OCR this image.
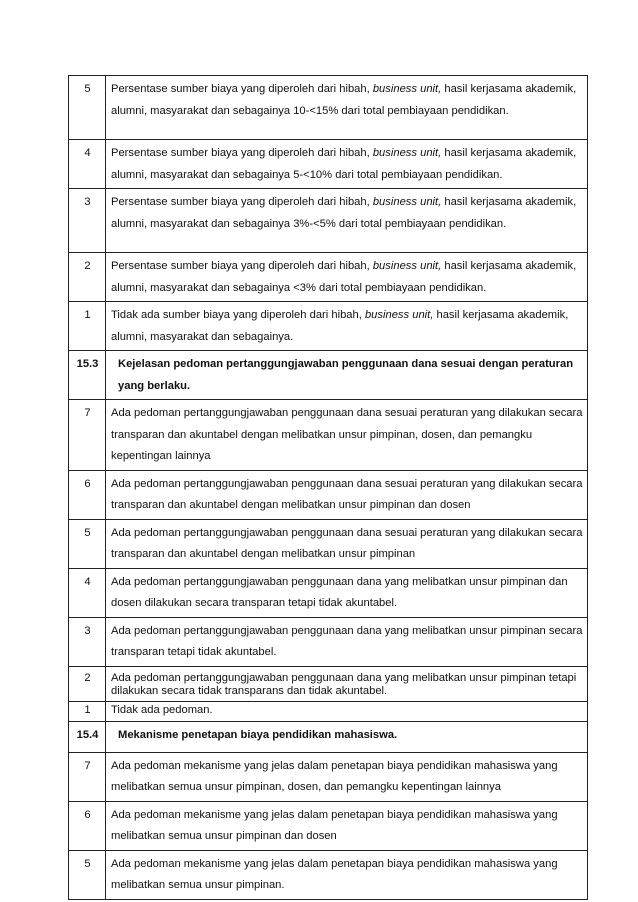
5	Persentase sumber biaya yang diperoleh dari hibah, business unit, hasil kerjasama akademik, alumni, masyarakat dan sebagainya 10-<15% dari total pembiayaan pendidikan.
4	Persentase sumber biaya yang diperoleh dari hibah, business unit, hasil kerjasama akademik, alumni, masyarakat dan sebagainya 5-<10% dari total pembiayaan pendidikan.
3	Persentase sumber biaya yang diperoleh dari hibah, business unit, hasil kerjasama akademik, alumni, masyarakat dan sebagainya 3%-<5% dari total pembiayaan pendidikan.
2	Persentase sumber biaya yang diperoleh dari hibah, business unit, hasil kerjasama akademik, alumni, masyarakat dan sebagainya <3% dari total pembiayaan pendidikan.
1	Tidak ada sumber biaya yang diperoleh dari hibah, business unit, hasil kerjasama akademik, alumni, masyarakat dan sebagainya.
15.3	Kejelasan pedoman pertanggungjawaban penggunaan dana sesuai dengan peraturan yang berlaku.
7	Ada pedoman pertanggungjawaban penggunaan dana sesuai peraturan yang dilakukan secara transparan dan akuntabel dengan melibatkan unsur pimpinan, dosen, dan pemangku kepentingan lainnya
6	Ada pedoman pertanggungjawaban penggunaan dana sesuai peraturan yang dilakukan secara transparan dan akuntabel dengan melibatkan unsur pimpinan dan dosen
5	Ada pedoman pertanggungjawaban penggunaan dana sesuai peraturan yang dilakukan secara transparan dan akuntabel dengan melibatkan unsur pimpinan
4	Ada pedoman pertanggungjawaban penggunaan dana yang melibatkan unsur pimpinan dan dosen dilakukan secara transparan tetapi tidak akuntabel.
3	Ada pedoman pertanggungjawaban penggunaan dana yang melibatkan unsur pimpinan secara transparan tetapi tidak akuntabel.
2	Ada pedoman pertanggungjawaban penggunaan dana yang melibatkan unsur pimpinan tetapi dilakukan secara tidak transparans dan tidak akuntabel.
1	Tidak ada pedoman.
15.4	Mekanisme penetapan biaya pendidikan mahasiswa.
7	Ada pedoman mekanisme yang jelas dalam penetapan biaya pendidikan mahasiswa yang melibatkan semua unsur pimpinan, dosen, dan pemangku kepentingan lainnya
6	Ada pedoman mekanisme yang jelas dalam penetapan biaya pendidikan mahasiswa yang melibatkan semua unsur pimpinan dan dosen
5	Ada pedoman mekanisme yang jelas dalam penetapan biaya pendidikan mahasiswa yang melibatkan semua unsur pimpinan.
